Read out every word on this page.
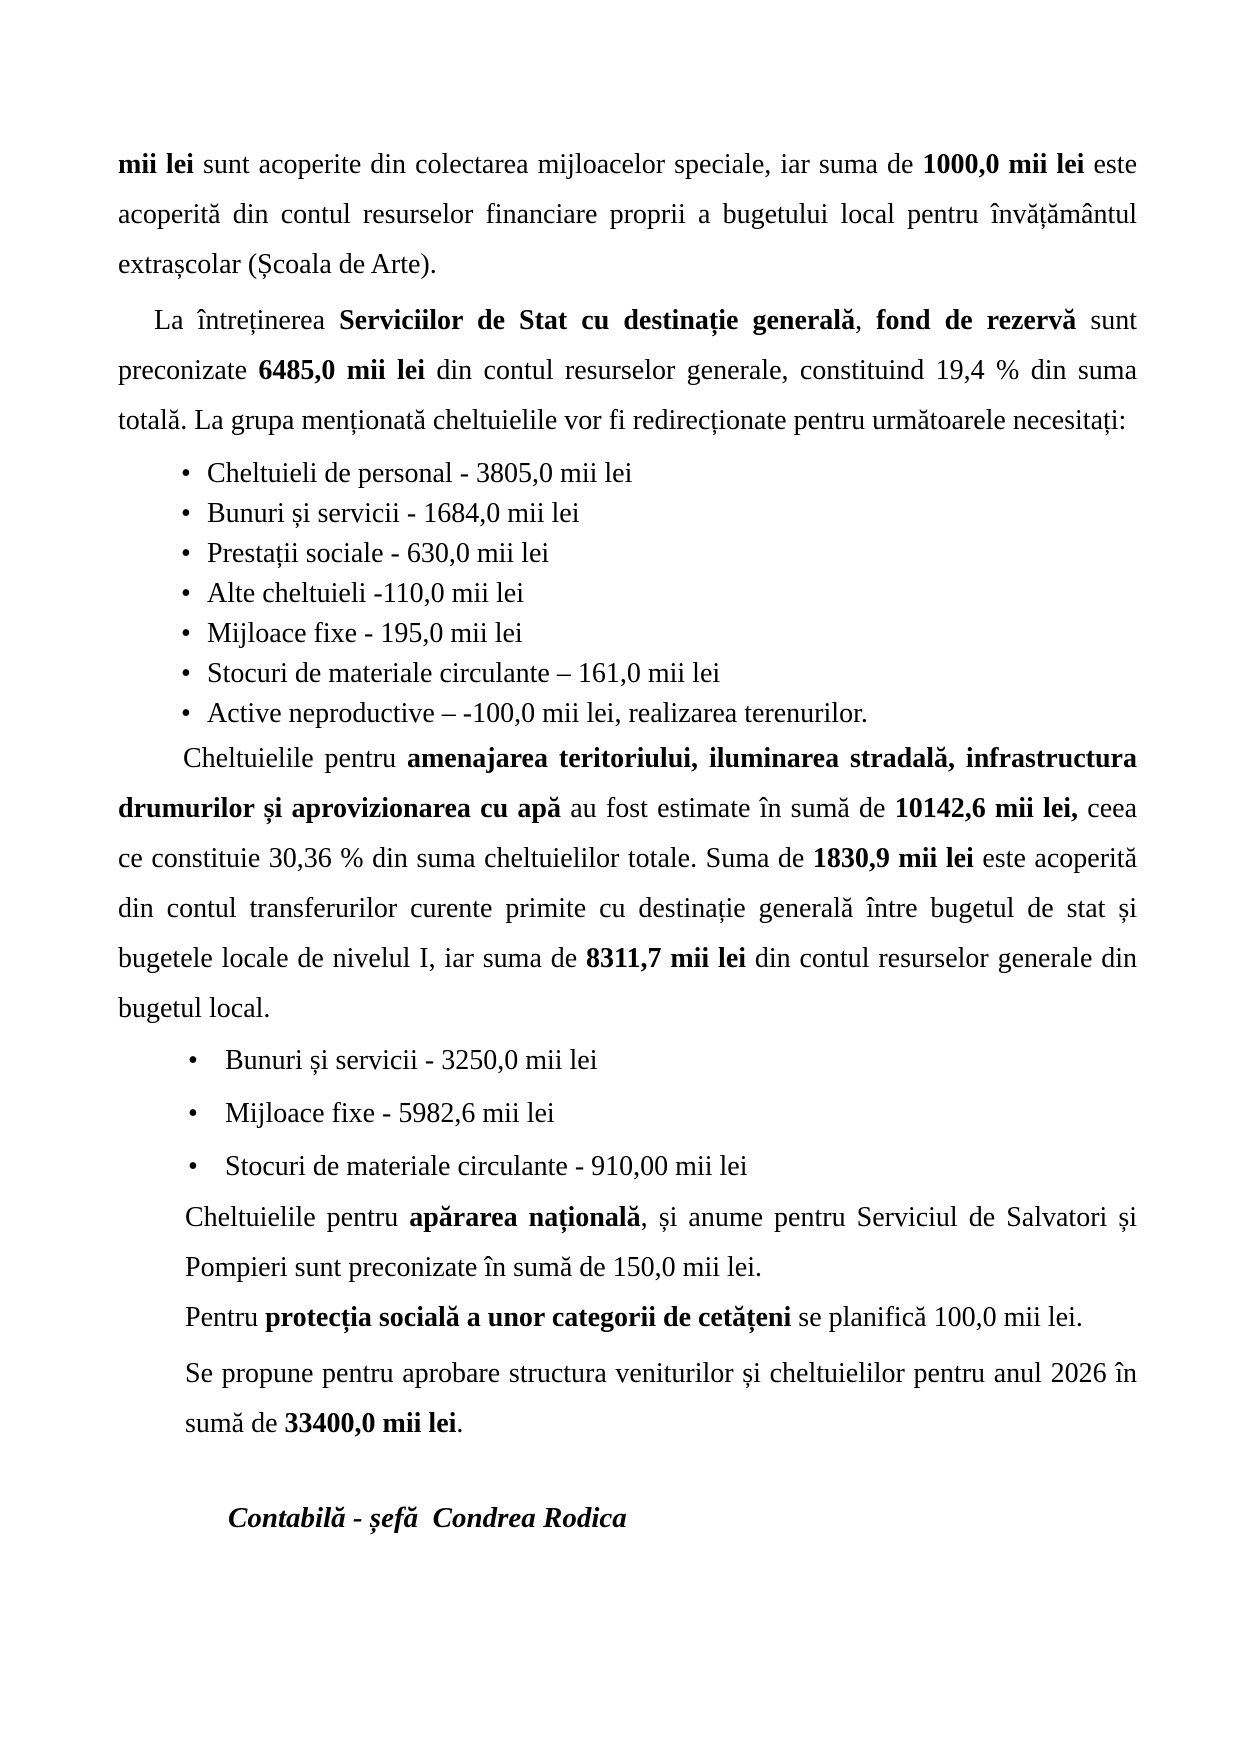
mii lei sunt acoperite din colectarea mijloacelor speciale, iar suma de 1000,0 mii lei este acoperită din contul resurselor financiare proprii a bugetului local pentru învățământul extrașcolar (Școala de Arte).

La întreținerea Serviciilor de Stat cu destinație generală, fond de rezervă sunt preconizate 6485,0 mii lei din contul resurselor generale, constituind 19,4 % din suma totală. La grupa menționată cheltuielile vor fi redirecționate pentru următoarele necesitați:

• Cheltuieli de personal - 3805,0 mii lei
• Bunuri și servicii - 1684,0 mii lei
• Prestații sociale - 630,0 mii lei
• Alte cheltuieli -110,0 mii lei
• Mijloace fixe - 195,0 mii lei
• Stocuri de materiale circulante – 161,0 mii lei
• Active neproductive – -100,0 mii lei, realizarea terenurilor.

Cheltuielile pentru amenajarea teritoriului, iluminarea stradală, infrastructura drumurilor și aprovizionarea cu apă au fost estimate în sumă de 10142,6 mii lei, ceea ce constituie 30,36 % din suma cheltuielilor totale. Suma de 1830,9 mii lei este acoperită din contul transferurilor curente primite cu destinație generală între bugetul de stat și bugetele locale de nivelul I, iar suma de 8311,7 mii lei din contul resurselor generale din bugetul local.

• Bunuri și servicii - 3250,0 mii lei
• Mijloace fixe - 5982,6 mii lei
• Stocuri de materiale circulante - 910,00 mii lei

Cheltuielile pentru apărarea națională, și anume pentru Serviciul de Salvatori și Pompieri sunt preconizate în sumă de 150,0 mii lei.

Pentru protecția socială a unor categorii de cetățeni se planifică 100,0 mii lei.

Se propune pentru aprobare structura veniturilor și cheltuielilor pentru anul 2026 în sumă de 33400,0 mii lei.

Contabilă - șefă  Condrea Rodica
